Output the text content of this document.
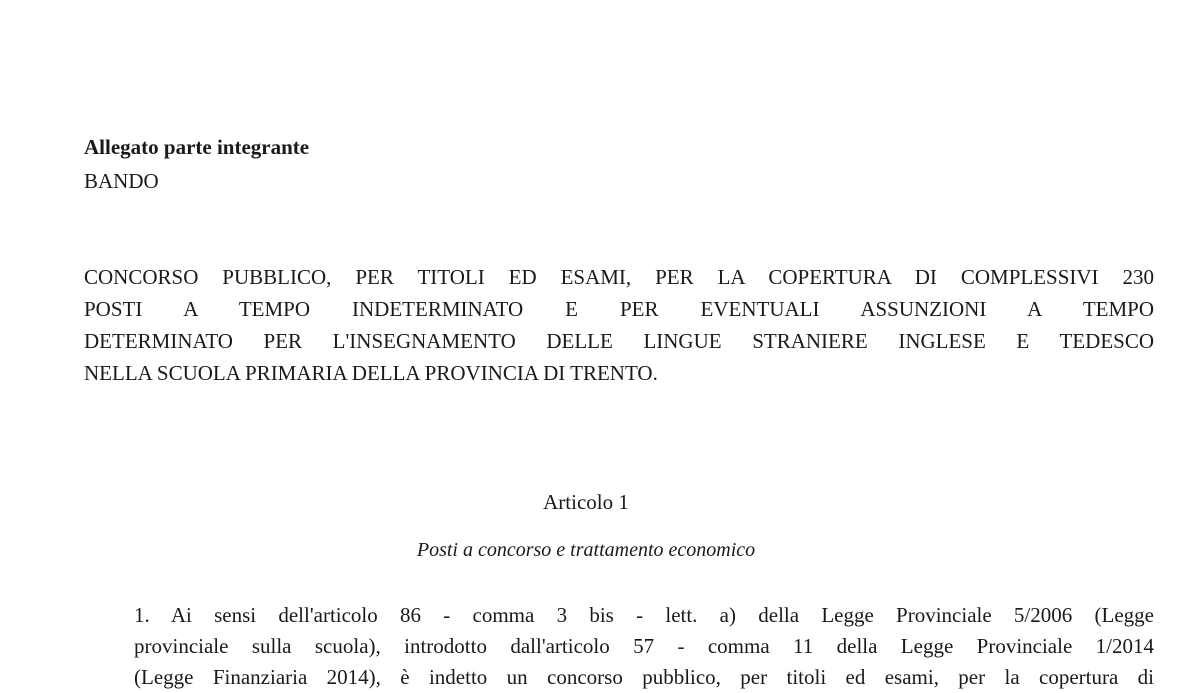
Allegato parte integrante
BANDO
CONCORSO PUBBLICO, PER TITOLI ED ESAMI, PER LA COPERTURA DI COMPLESSIVI 230
POSTI A TEMPO INDETERMINATO E PER EVENTUALI ASSUNZIONI A TEMPO
DETERMINATO PER L'INSEGNAMENTO DELLE LINGUE STRANIERE INGLESE E TEDESCO
NELLA SCUOLA PRIMARIA DELLA PROVINCIA DI TRENTO.
Articolo 1
Posti a concorso e trattamento economico
1. Ai sensi dell'articolo 86 - comma 3 bis - lett. a) della Legge Provinciale 5/2006 (Legge
provinciale sulla scuola), introdotto dall'articolo 57 - comma 11 della Legge Provinciale 1/2014
(Legge Finanziaria 2014), è indetto un concorso pubblico, per titoli ed esami, per la copertura di
